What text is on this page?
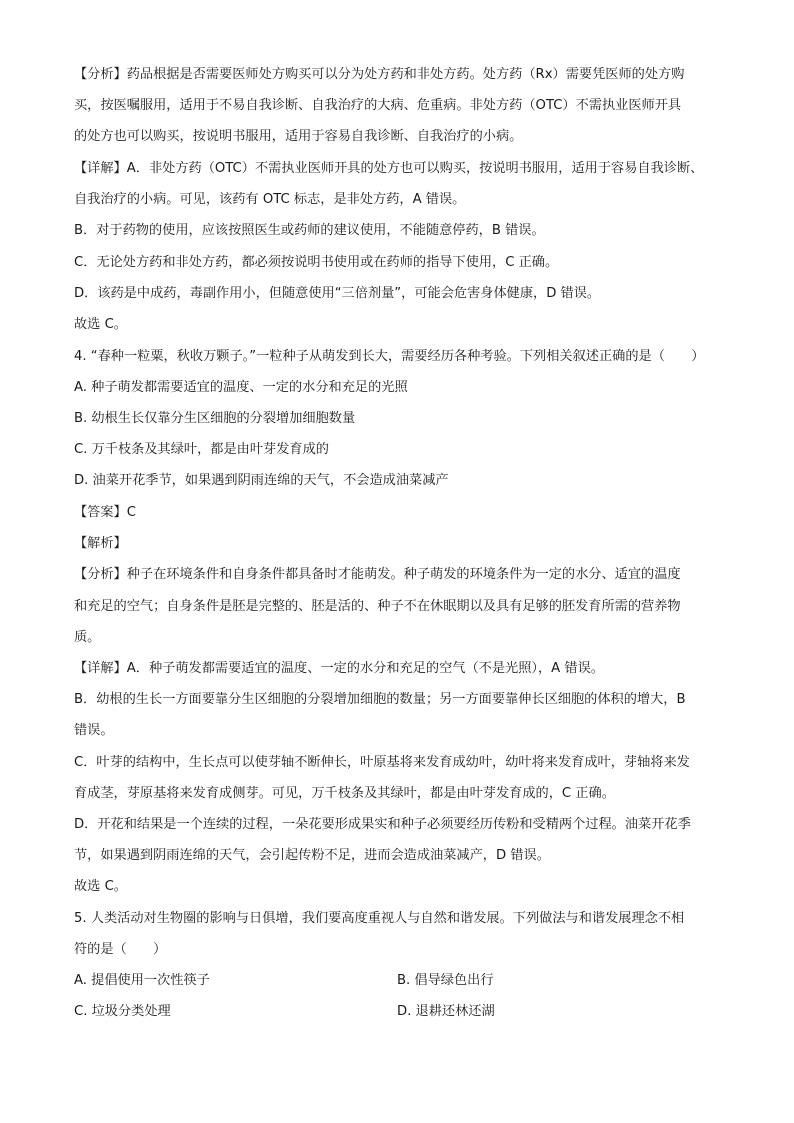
【分析】药品根据是否需要医师处方购买可以分为处方药和非处方药。处方药（Rx）需要凭医师的处方购
买，按医嘱服用，适用于不易自我诊断、自我治疗的大病、危重病。非处方药（OTC）不需执业医师开具
的处方也可以购买，按说明书服用，适用于容易自我诊断、自我治疗的小病。
【详解】A．非处方药（OTC）不需执业医师开具的处方也可以购买，按说明书服用，适用于容易自我诊断、
自我治疗的小病。可见，该药有 OTC 标志，是非处方药，A 错误。
B．对于药物的使用，应该按照医生或药师的建议使用，不能随意停药，B 错误。
C．无论处方药和非处方药，都必须按说明书使用或在药师的指导下使用，C 正确。
D．该药是中成药，毒副作用小，但随意使用“三倍剂量”，可能会危害身体健康，D 错误。
故选 C。
4. “春种一粒粟，秋收万颗子。”一粒种子从萌发到长大，需要经历各种考验。下列相关叙述正确的是（　　）
A. 种子萌发都需要适宜的温度、一定的水分和充足的光照
B. 幼根生长仅靠分生区细胞的分裂增加细胞数量
C. 万千枝条及其绿叶，都是由叶芽发育成的
D. 油菜开花季节，如果遇到阴雨连绵的天气，不会造成油菜减产
【答案】C
【解析】
【分析】种子在环境条件和自身条件都具备时才能萌发。种子萌发的环境条件为一定的水分、适宜的温度
和充足的空气；自身条件是胚是完整的、胚是活的、种子不在休眠期以及具有足够的胚发育所需的营养物
质。
【详解】A．种子萌发都需要适宜的温度、一定的水分和充足的空气（不是光照），A 错误。
B．幼根的生长一方面要靠分生区细胞的分裂增加细胞的数量；另一方面要靠伸长区细胞的体积的增大，B
错误。
C．叶芽的结构中，生长点可以使芽轴不断伸长，叶原基将来发育成幼叶，幼叶将来发育成叶，芽轴将来发
育成茎，芽原基将来发育成侧芽。可见，万千枝条及其绿叶，都是由叶芽发育成的，C 正确。
D．开花和结果是一个连续的过程，一朵花要形成果实和种子必须要经历传粉和受精两个过程。油菜开花季
节，如果遇到阴雨连绵的天气，会引起传粉不足，进而会造成油菜减产，D 错误。
故选 C。
5. 人类活动对生物圈的影响与日俱增，我们要高度重视人与自然和谐发展。下列做法与和谐发展理念不相
符的是（　　）
A. 提倡使用一次性筷子	B. 倡导绿色出行
C. 垃圾分类处理	D. 退耕还林还湖
